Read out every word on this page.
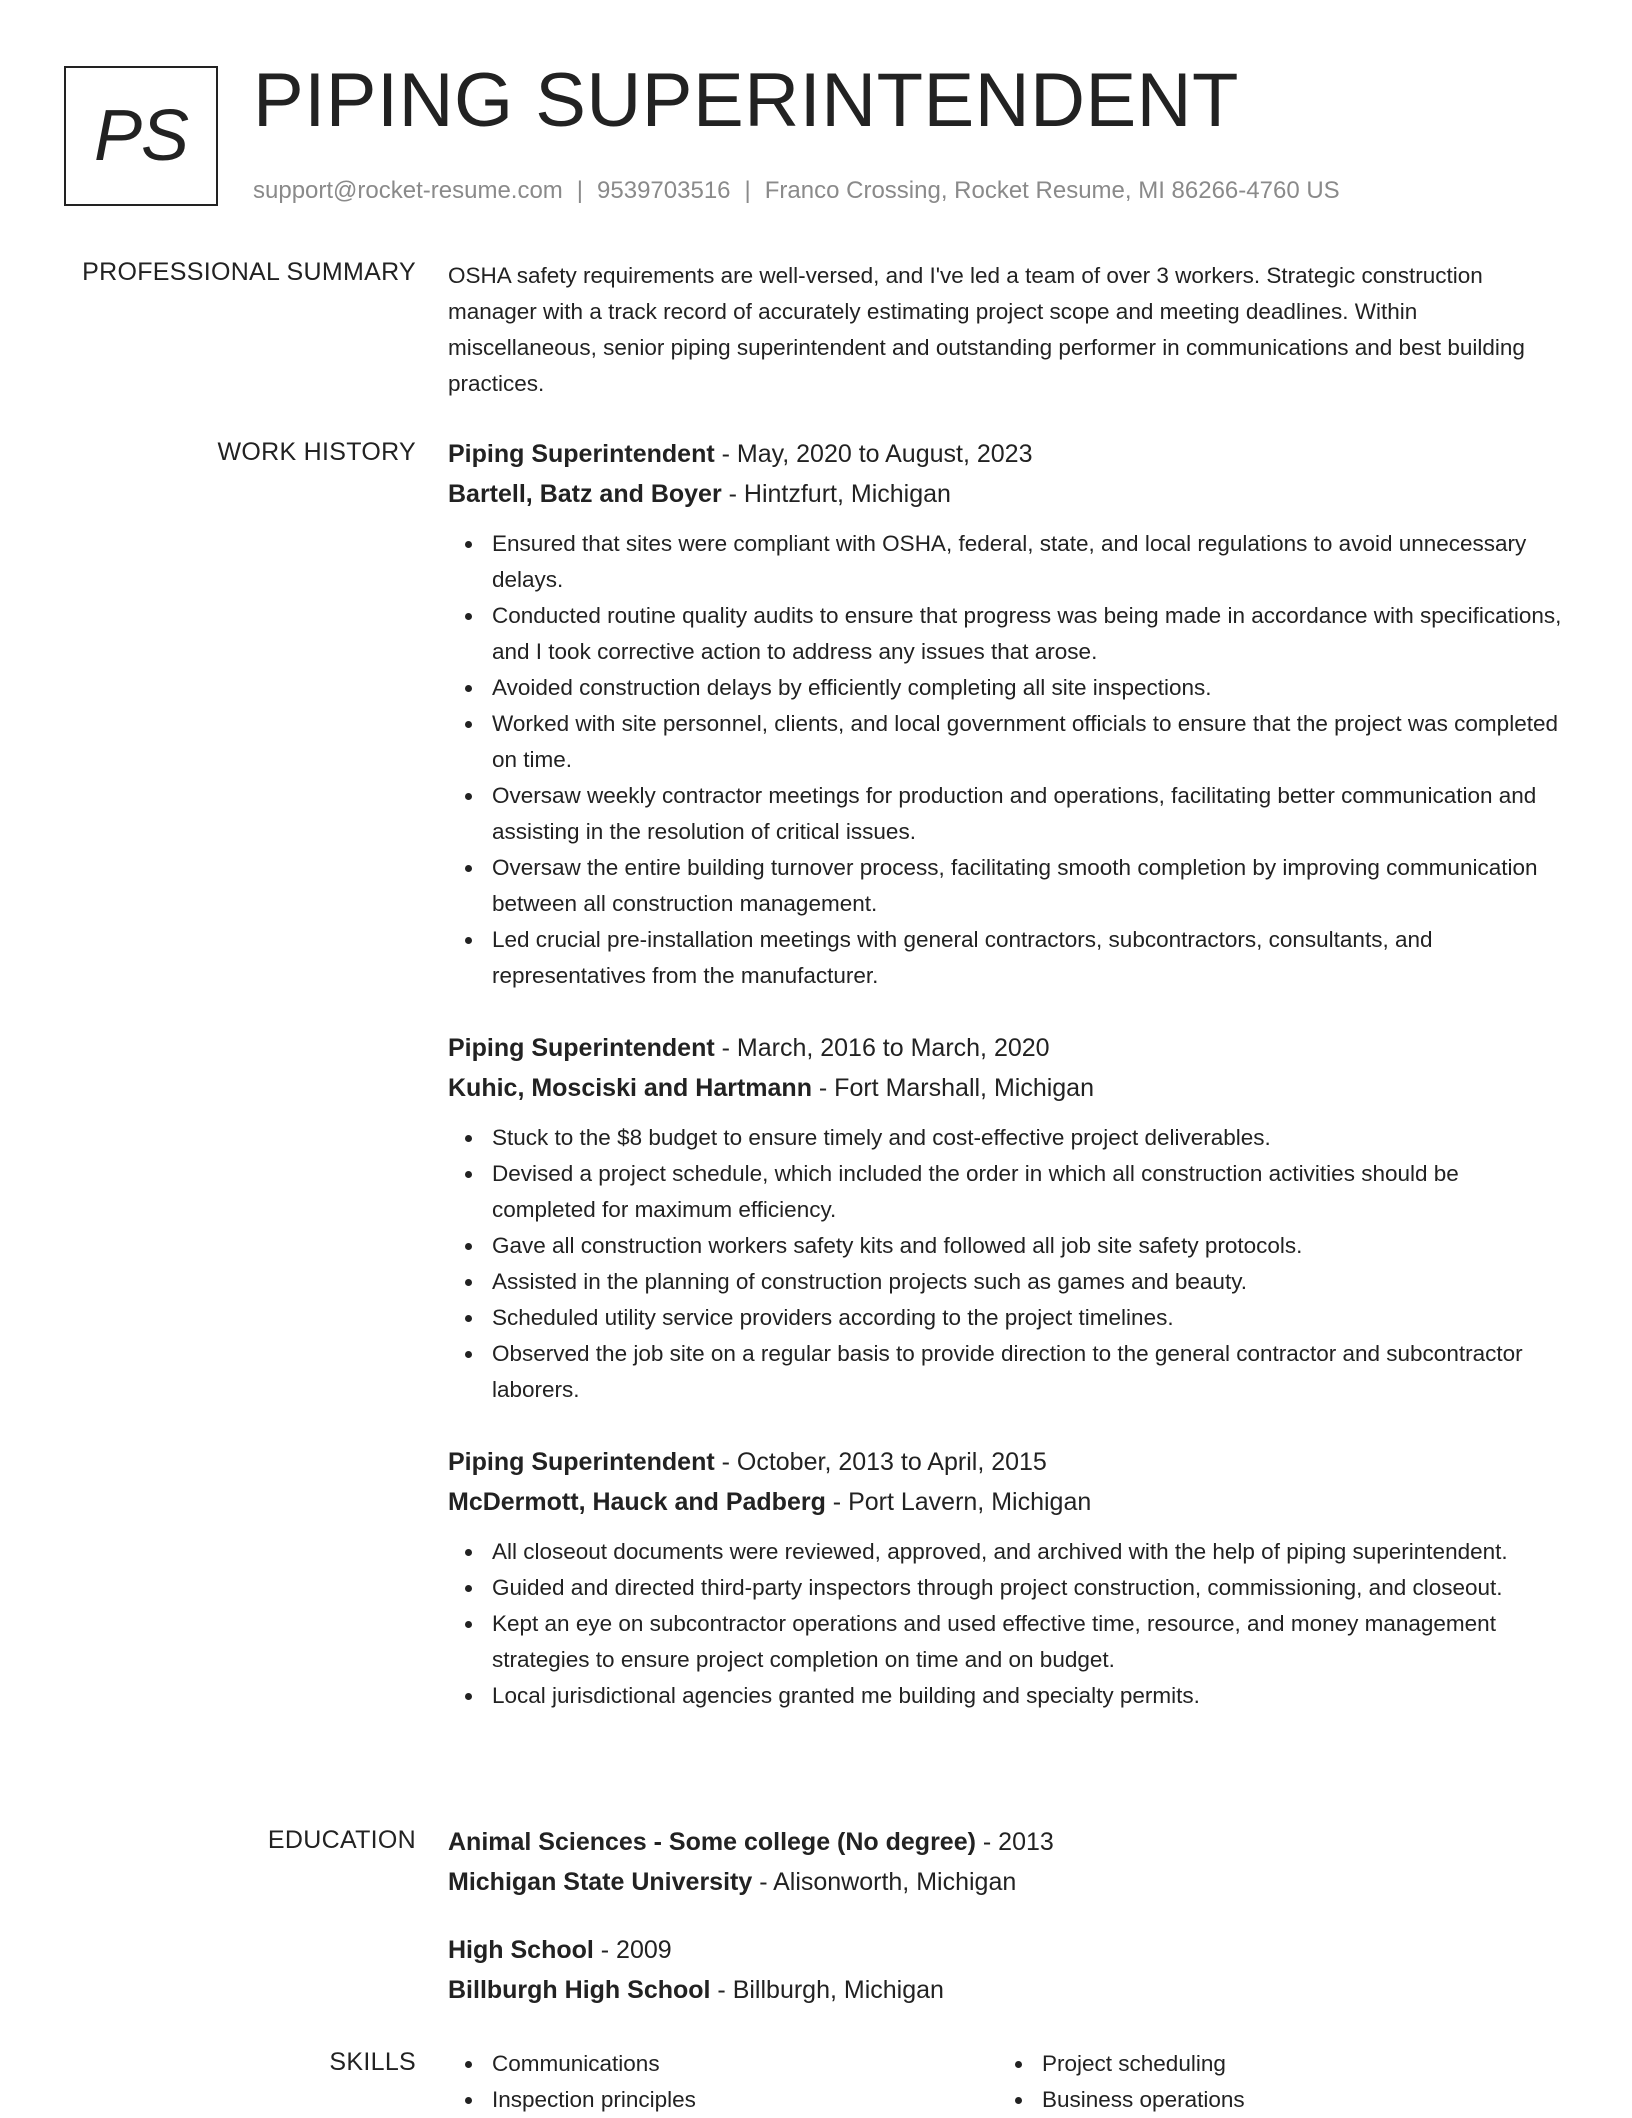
PS PIPING SUPERINTENDENT
support@rocket-resume.com | 9539703516 | Franco Crossing, Rocket Resume, MI 86266-4760 US
PROFESSIONAL SUMMARY OSHA safety requirements are well-versed, and I've led a team of over 3 workers. Strategic construction manager with a track record of accurately estimating project scope and meeting deadlines. Within miscellaneous, senior piping superintendent and outstanding performer in communications and best building practices.

WORK HISTORY Piping Superintendent - May, 2020 to August, 2023
Bartell, Batz and Boyer - Hintzfurt, Michigan
Ensured that sites were compliant with OSHA, federal, state, and local regulations to avoid unnecessary delays.
Conducted routine quality audits to ensure that progress was being made in accordance with specifications, and I took corrective action to address any issues that arose.
Avoided construction delays by efficiently completing all site inspections.
Worked with site personnel, clients, and local government officials to ensure that the project was completed on time.
Oversaw weekly contractor meetings for production and operations, facilitating better communication and assisting in the resolution of critical issues.
Oversaw the entire building turnover process, facilitating smooth completion by improving communication between all construction management.
Led crucial pre-installation meetings with general contractors, subcontractors, consultants, and representatives from the manufacturer.
Piping Superintendent - March, 2016 to March, 2020
Kuhic, Mosciski and Hartmann - Fort Marshall, Michigan
Stuck to the $8 budget to ensure timely and cost-effective project deliverables.
Devised a project schedule, which included the order in which all construction activities should be completed for maximum efficiency.
Gave all construction workers safety kits and followed all job site safety protocols.
Assisted in the planning of construction projects such as games and beauty.
Scheduled utility service providers according to the project timelines.
Observed the job site on a regular basis to provide direction to the general contractor and subcontractor laborers.
Piping Superintendent - October, 2013 to April, 2015
McDermott, Hauck and Padberg - Port Lavern, Michigan
All closeout documents were reviewed, approved, and archived with the help of piping superintendent.
Guided and directed third-party inspectors through project construction, commissioning, and closeout.
Kept an eye on subcontractor operations and used effective time, resource, and money management strategies to ensure project completion on time and on budget.
Local jurisdictional agencies granted me building and specialty permits.
EDUCATION Animal Sciences - Some college (No degree) - 2013
Michigan State University - Alisonworth, Michigan
High School - 2009
Billburgh High School - Billburgh, Michigan
SKILLS	Communications
Inspection principles
Project scheduling
Business operations
